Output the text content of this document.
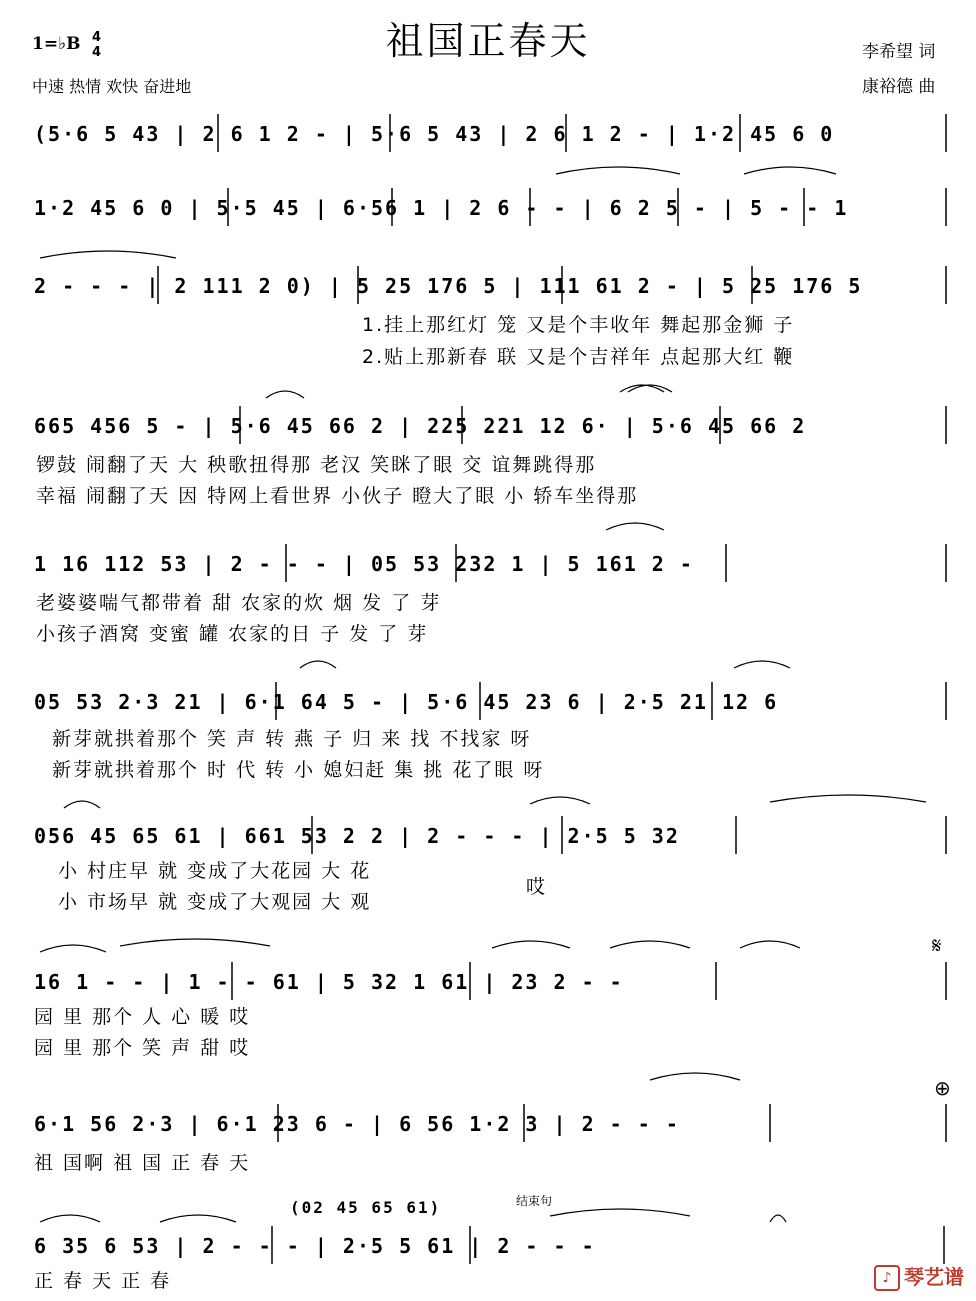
祖国正春天
1=♭B 4
4
中速 热情 欢快 奋进地
李希望 词
康裕德 曲
(5·6 5 43 | 2 6 1 2 - | 5·6 5 43 | 2 6 1 2 - | 1·2 45 6 0
1·2 45 6 0 | 5·5 45 | 6·56 1 | 2 6 - - | 6 2 5 - | 5 - - 1
2 - - - | 2 111 2 0) | 5 25 176 5 | 111 61 2 - | 5 25 176 5
1.挂上那红灯 笼 又是个丰收年 舞起那金狮 子
2.贴上那新春 联 又是个吉祥年 点起那大红 鞭
665 456 5 - | 5·6 45 66 2 | 225 221 12 6· | 5·6 45 66 2
锣鼓 闹翻了天 大 秧歌扭得那 老汉 笑眯了眼 交 谊舞跳得那
幸福 闹翻了天 因 特网上看世界 小伙子 瞪大了眼 小 轿车坐得那
1 16 112 53 | 2 - - - | 05 53 232 1 | 5 161 2 -
老婆婆喘气都带着 甜 农家的炊 烟 发 了 芽
小孩子酒窝 变蜜 罐 农家的日 子 发 了 芽
05 53 2·3 21 | 6·1 64 5 - | 5·6 45 23 6 | 2·5 21 12 6
新芽就拱着那个 笑 声 转 燕 子 归 来 找 不找家 呀
新芽就拱着那个 时 代 转 小 媳妇赶 集 挑 花了眼 呀
056 45 65 61 | 661 53 2 2 | 2 - - - | 2·5 5 32
小 村庄早 就 变成了大花园 大 花
小 市场早 就 变成了大观园 大 观
哎
16 1 - - | 1 - - 61 | 5 32 1 61 | 23 2 - -
园 里 那个 人 心 暖 哎
园 里 那个 笑 声 甜 哎
𝄋
6·1 56 2·3 | 6·1 23 6 - | 6 56 1·2 3 | 2 - - -
祖 国啊 祖 国 正 春 天
⊕
(02 45 65 61)	结束句
6 35 6 53 | 2 - - - | 2·5 5 61 | 2 - - -
正 春 天 正 春	♪ 琴艺谱
